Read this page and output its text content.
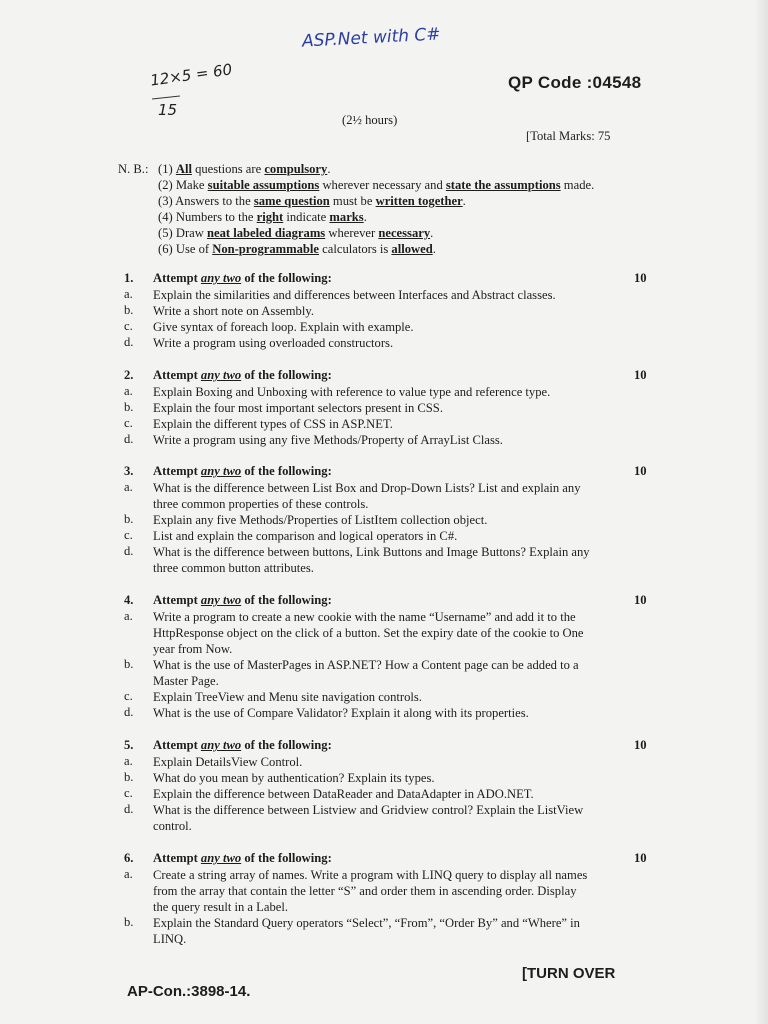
ASP.Net with C#
12×5 = 60
15
QP Code :04548
(2½ hours)
[Total Marks: 75
N. B.: (1) All questions are compulsory.
(2) Make suitable assumptions wherever necessary and state the assumptions made.
(3) Answers to the same question must be written together.
(4) Numbers to the right indicate marks.
(5) Draw neat labeled diagrams wherever necessary.
(6) Use of Non-programmable calculators is allowed.
1. Attempt any two of the following:	10
a. Explain the similarities and differences between Interfaces and Abstract classes.
b. Write a short note on Assembly.
c. Give syntax of foreach loop. Explain with example.
d. Write a program using overloaded constructors.
2. Attempt any two of the following:	10
a. Explain Boxing and Unboxing with reference to value type and reference type.
b. Explain the four most important selectors present in CSS.
c. Explain the different types of CSS in ASP.NET.
d. Write a program using any five Methods/Property of ArrayList Class.
3. Attempt any two of the following:	10
a. What is the difference between List Box and Drop-Down Lists? List and explain any
three common properties of these controls.
b. Explain any five Methods/Properties of ListItem collection object.
c. List and explain the comparison and logical operators in C#.
d. What is the difference between buttons, Link Buttons and Image Buttons? Explain any
three common button attributes.
4. Attempt any two of the following:	10
a. Write a program to create a new cookie with the name “Username” and add it to the
HttpResponse object on the click of a button. Set the expiry date of the cookie to One
year from Now.
b. What is the use of MasterPages in ASP.NET? How a Content page can be added to a
Master Page.
c. Explain TreeView and Menu site navigation controls.
d. What is the use of Compare Validator? Explain it along with its properties.
5. Attempt any two of the following:	10
a. Explain DetailsView Control.
b. What do you mean by authentication? Explain its types.
c. Explain the difference between DataReader and DataAdapter in ADO.NET.
d. What is the difference between Listview and Gridview control? Explain the ListView
control.
6. Attempt any two of the following:	10
a. Create a string array of names. Write a program with LINQ query to display all names
from the array that contain the letter “S” and order them in ascending order. Display
the query result in a Label.
b. Explain the Standard Query operators “Select”, “From”, “Order By” and “Where” in
LINQ.
AP-Con.:3898-14.
[TURN OVER
